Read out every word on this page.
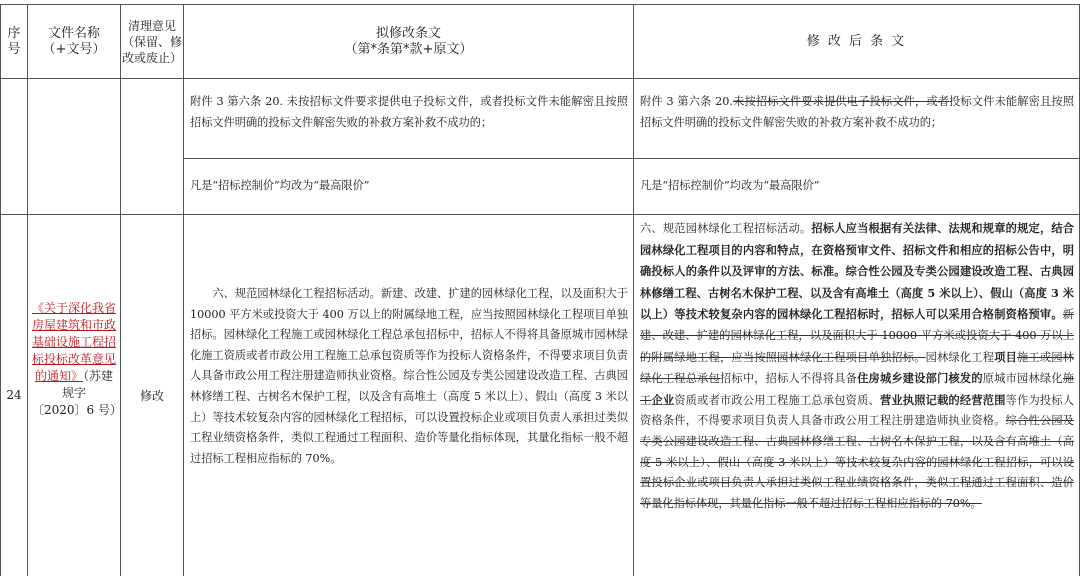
序
号
文件名称
（+文号）
清理意见
（保留、修
改或废止）
拟修改条文
（第*条第*款+原文）
修 改 后 条 文
附件 3 第六条 20. 未按招标文件要求提供电子投标文件，或者投标文件未能解密且按照招标文件明确的投标文件解密失败的补救方案补救不成功的；
附件 3 第六条 20.未按招标文件要求提供电子投标文件，或者投标文件未能解密且按照招标文件明确的投标文件解密失败的补救方案补救不成功的；
凡是“招标控制价”均改为“最高限价”	凡是“招标控制价”均改为“最高限价”
24
《关于深化我省房屋建筑和市政基础设施工程招标投标改革意见的通知》（苏建规字
〔2020〕6 号）
修改
六、规范园林绿化工程招标活动。新建、改建、扩建的园林绿化工程，以及面积大于 10000 平方米或投资大于 400 万以上的附属绿地工程，应当按照园林绿化工程项目单独招标。园林绿化工程施工或园林绿化工程总承包招标中，招标人不得将具备原城市园林绿化施工资质或者市政公用工程施工总承包资质等作为投标人资格条件，不得要求项目负责人具备市政公用工程注册建造师执业资格。综合性公园及专类公园建设改造工程、古典园林修缮工程、古树名木保护工程，以及含有高堆土（高度 5 米以上）、假山（高度 3 米以上）等技术较复杂内容的园林绿化工程招标，可以设置投标企业或项目负责人承担过类似工程业绩资格条件，类似工程通过工程面积、造价等量化指标体现，其量化指标一般不超过招标工程相应指标的 70%。
六、规范园林绿化工程招标活动。招标人应当根据有关法律、法规和规章的规定，结合园林绿化工程项目的内容和特点，在资格预审文件、招标文件和相应的招标公告中，明确投标人的条件以及评审的方法、标准。综合性公园及专类公园建设改造工程、古典园林修缮工程、古树名木保护工程、以及含有高堆土（高度 5 米以上）、假山（高度 3 米以上）等技术较复杂内容的园林绿化工程招标时，招标人可以采用合格制资格预审。新建、改建、扩建的园林绿化工程，以及面积大于 10000 平方米或投资大于 400 万以上的附属绿地工程，应当按照园林绿化工程项目单独招标。园林绿化工程项目施工或园林绿化工程总承包招标中，招标人不得将具备住房城乡建设部门核发的原城市园林绿化施工企业资质或者市政公用工程施工总承包资质、营业执照记载的经营范围等作为投标人资格条件，不得要求项目负责人具备市政公用工程注册建造师执业资格。综合性公园及专类公园建设改造工程、古典园林修缮工程、古树名木保护工程，以及含有高堆土（高度 5 米以上）、假山（高度 3 米以上）等技术较复杂内容的园林绿化工程招标，可以设置投标企业或项目负责人承担过类似工程业绩资格条件，类似工程通过工程面积、造价等量化指标体现，其量化指标一般不超过招标工程相应指标的 70%。
